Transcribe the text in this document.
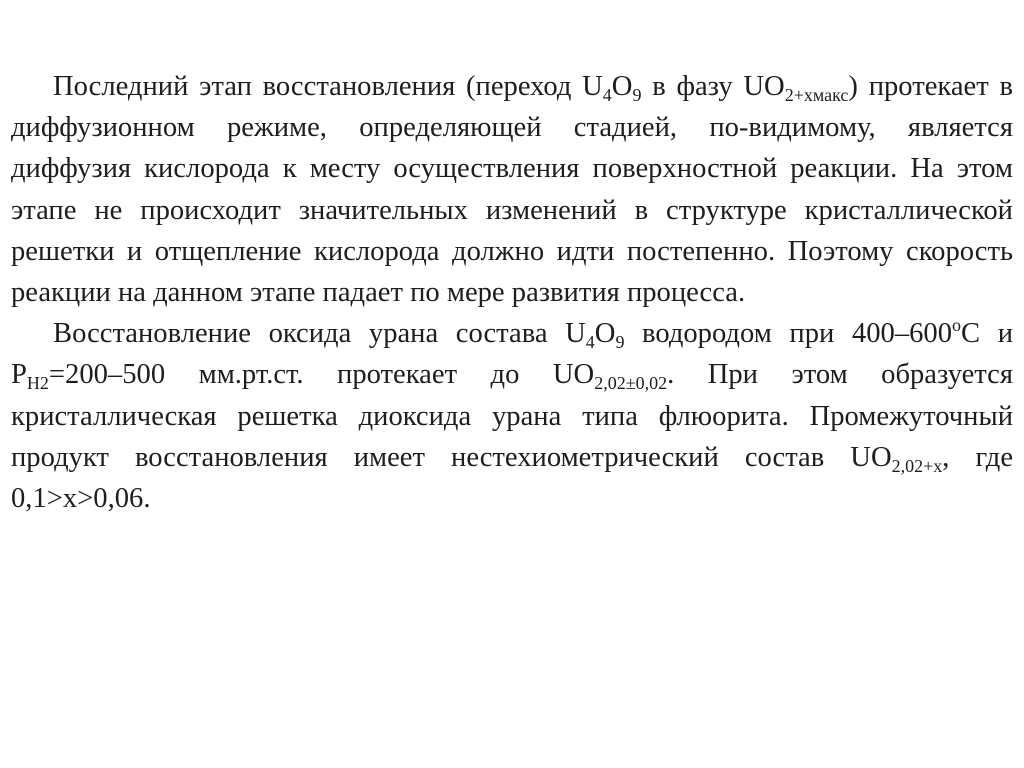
Последний этап восстановления (переход $U_4O_9$ в фазу $UO_{2+хмакс}$) протекает в диффузионном режиме, определяющей стадией, по-видимому, является диффузия кислорода к месту осуществления поверхностной реакции. На этом этапе не происходит значительных изменений в структуре кристаллической решетки и отщепление кислорода должно идти постепенно. Поэтому скорость реакции на данном этапе падает по мере развития процесса.

Восстановление оксида урана состава $U_4O_9$ водородом при 400–600$^o$С и $P_{H2}=200-500$ мм.рт.ст. протекает до $UO_{2,02\pm 0,02}$. При этом образуется кристаллическая решетка диоксида урана типа флюорита. Промежуточный продукт восстановления имеет нестехиометрический состав $UO_{2,02+x}$, где 0,1>x>0,06.
